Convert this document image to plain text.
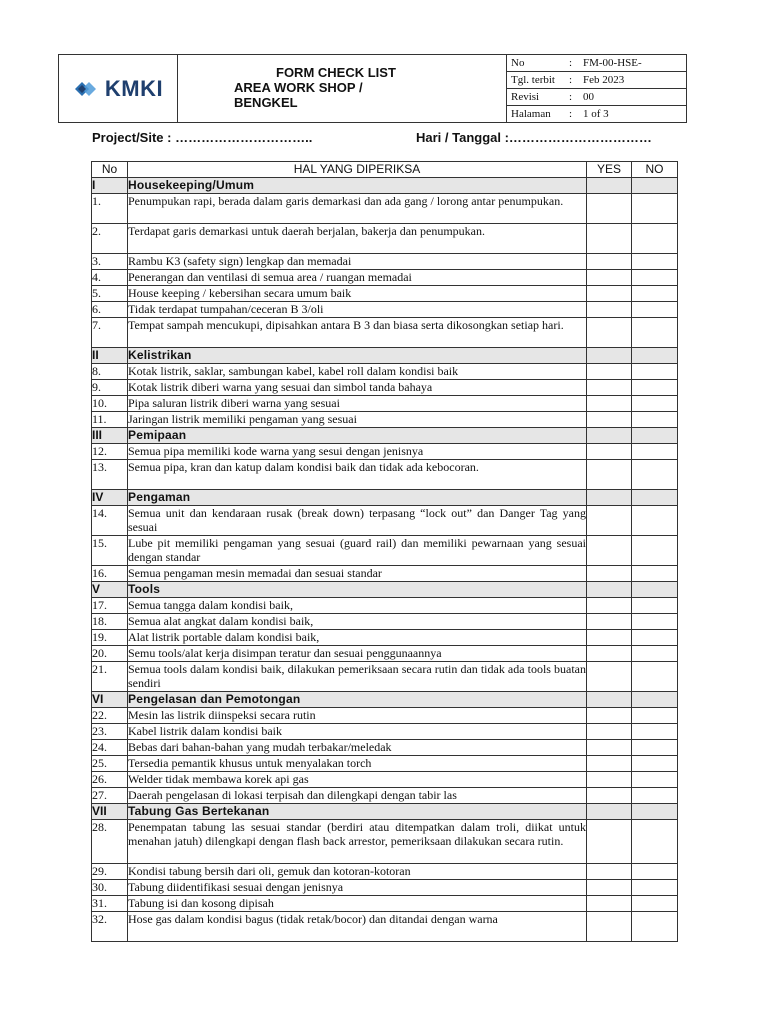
KMKI
FORM CHECK LIST
AREA WORK SHOP /
BENGKEL
No	: FM-00-HSE-
Tgl. terbit	: Feb 2023
Revisi	: 00
Halaman	: 1 of 3
Project/Site : …………………………..	Hari / Tanggal :……………………………
No	HAL YANG DIPERIKSA	YES	NO
I	Housekeeping/Umum		
1.	Penumpukan rapi, berada dalam garis demarkasi dan ada gang / lorong antar penumpukan.		
2.	Terdapat garis demarkasi untuk daerah berjalan, bakerja dan penumpukan.		
3.	Rambu K3 (safety sign) lengkap dan memadai		
4.	Penerangan dan ventilasi di semua area / ruangan memadai		
5.	House keeping / kebersihan secara umum baik		
6.	Tidak terdapat tumpahan/ceceran B 3/oli		
7.	Tempat sampah mencukupi, dipisahkan antara B 3 dan biasa serta dikosongkan setiap hari.		
II	Kelistrikan		
8.	Kotak listrik, saklar, sambungan kabel, kabel roll dalam kondisi baik		
9.	Kotak listrik diberi warna yang sesuai dan simbol tanda bahaya		
10.	Pipa saluran listrik diberi warna yang sesuai		
11.	Jaringan listrik memiliki pengaman yang sesuai		
III	Pemipaan		
12.	Semua pipa memiliki kode warna yang sesui dengan jenisnya		
13.	Semua pipa, kran dan katup dalam kondisi baik dan tidak ada kebocoran.		
IV	Pengaman		
14.	Semua unit dan kendaraan rusak (break down) terpasang “lock out” dan Danger Tag yang sesuai		
15.	Lube pit memiliki pengaman yang sesuai (guard rail) dan memiliki pewarnaan yang sesuai dengan standar		
16.	Semua pengaman mesin memadai dan sesuai standar		
V	Tools		
17.	Semua tangga dalam kondisi baik,		
18.	Semua alat angkat dalam kondisi baik,		
19.	Alat listrik portable dalam kondisi baik,		
20.	Semu tools/alat kerja disimpan teratur dan sesuai penggunaannya		
21.	Semua tools dalam kondisi baik, dilakukan pemeriksaan secara rutin dan tidak ada tools buatan sendiri		
VI	Pengelasan dan Pemotongan		
22.	Mesin las listrik diinspeksi secara rutin		
23.	Kabel listrik dalam kondisi baik		
24.	Bebas dari bahan-bahan yang mudah terbakar/meledak		
25.	Tersedia pemantik khusus untuk menyalakan torch		
26.	Welder tidak membawa korek api gas		
27.	Daerah pengelasan di lokasi terpisah dan dilengkapi dengan tabir las		
VII	Tabung Gas Bertekanan		
28.	Penempatan tabung las sesuai standar (berdiri atau ditempatkan dalam troli, diikat untuk menahan jatuh) dilengkapi dengan flash back arrestor, pemeriksaan dilakukan secara rutin.		
29.	Kondisi tabung bersih dari oli, gemuk dan kotoran-kotoran		
30.	Tabung diidentifikasi sesuai dengan jenisnya		
31.	Tabung isi dan kosong dipisah		
32.	Hose gas dalam kondisi bagus (tidak retak/bocor) dan ditandai dengan warna		
